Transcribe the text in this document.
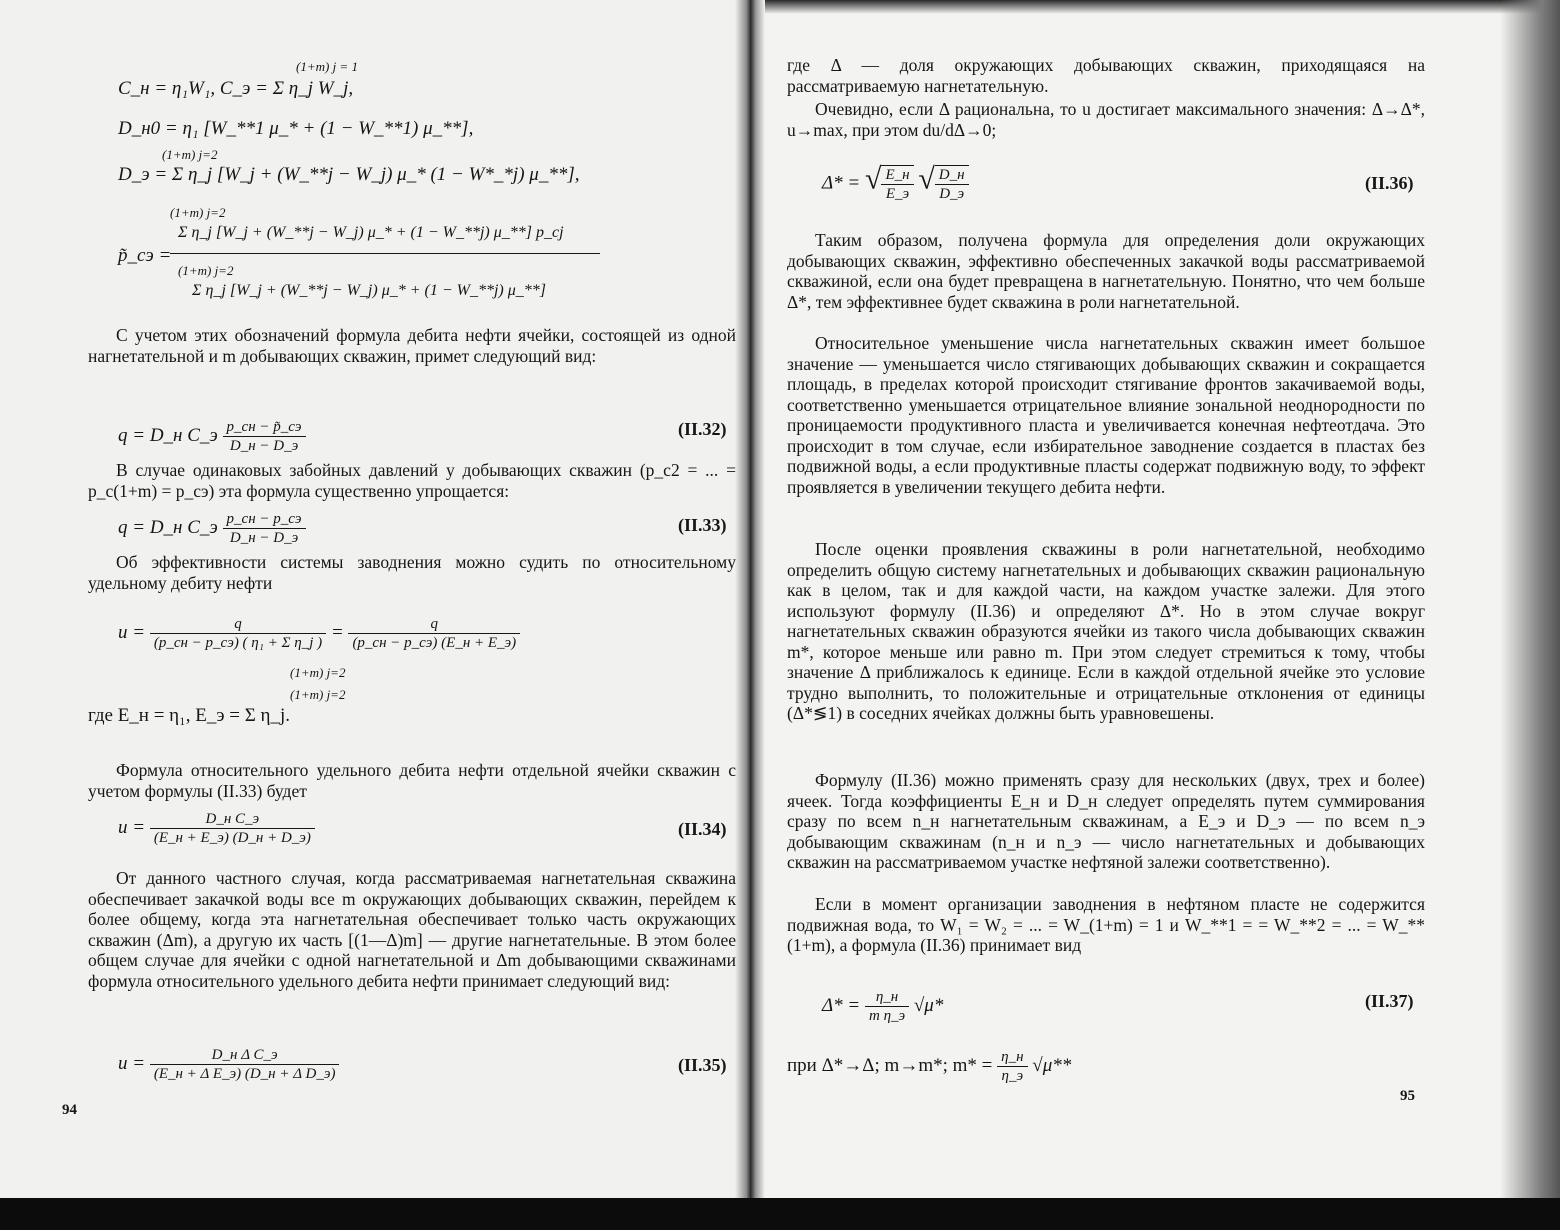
(1+m) j = 1
C_н = η₁W₁, C_э = Σ η_j W_j,
D_н0 = η₁ [W_**1 μ_* + (1 − W_**1) μ_**],
(1+m) j=2
D_э = Σ η_j [W_j + (W_**j − W_j) μ_* (1 − W*_*j) μ_**],
(1+m) j=2
Σ η_j [W_j + (W_**j − W_j) μ_* + (1 − W_**j) μ_**] p_cj
p̃_cэ =
(1+m) j=2
Σ η_j [W_j + (W_**j − W_j) μ_* + (1 − W_**j) μ_**]
С учетом этих обозначений формула дебита нефти ячейки, состоящей из одной нагнетательной и m добывающих скважин, примет следующий вид:
q = D_н C_э $\frac{p\_cн - p̃\_cэ}{D\_н - D\_э}$	(II.32)
В случае одинаковых забойных давлений у добывающих скважин (p_c2 = ... = p_c(1+m) = p_cэ) эта формула существенно упрощается:
q = D_н C_э $\frac{p\_cн - p\_cэ}{D\_н - D\_э}$	(II.33)
Об эффективности системы заводнения можно судить по относительному удельному дебиту нефти
$u = \frac{q}{\text{(p\_cн − p\_cэ) ( η₁ + Σ η\_j )}} = \frac{q}{(p\_cн - p\_cэ) (E\_н + E\_э)}$
(1+m) j=2
(1+m) j=2
где E_н = η₁, E_э = Σ η_j.
Формула относительного удельного дебита нефти отдельной ячейки скважин с учетом формулы (II.33) будет
$u = \frac{\text{D\_н C\_э}}{(E\_н + E\_э) (D\_н + D\_э)}$	(II.34)
От данного частного случая, когда рассматриваемая нагнетательная скважина обеспечивает закачкой воды все m окружающих добывающих скважин, перейдем к более общему, когда эта нагнетательная обеспечивает только часть окружающих скважин (Δm), а другую их часть [(1—Δ)m] — другие нагнетательные. В этом более общем случае для ячейки с одной нагнетательной и Δm добывающими скважинами формула относительного удельного дебита нефти принимает следующий вид:
$u = \frac{\text{D\_н Δ C\_э}}{\text{(E\_н + Δ E\_э) (D\_н + Δ D\_э)}}$	(II.35)
94
где Δ — доля окружающих добывающих скважин, приходящаяся на рассматриваемую нагнетательную.
Очевидно, если Δ рациональна, то u достигает максимального значения: Δ→Δ*, u→max, при этом du/dΔ→0;
Δ* = √ $\frac{E\_н}{E\_э}$ √ $\frac{D\_н}{D\_э}$	(II.36)
Таким образом, получена формула для определения доли окружающих добывающих скважин, эффективно обеспеченных закачкой воды рассматриваемой скважиной, если она будет превращена в нагнетательную. Понятно, что чем больше Δ*, тем эффективнее будет скважина в роли нагнетательной.
Относительное уменьшение числа нагнетательных скважин имеет большое значение — уменьшается число стягивающих добывающих скважин и сокращается площадь, в пределах которой происходит стягивание фронтов закачиваемой воды, соответственно уменьшается отрицательное влияние зональной неоднородности по проницаемости продуктивного пласта и увеличивается конечная нефтеотдача. Это происходит в том случае, если избирательное заводнение создается в пластах без подвижной воды, а если продуктивные пласты содержат подвижную воду, то эффект проявляется в увеличении текущего дебита нефти.
После оценки проявления скважины в роли нагнетательной, необходимо определить общую систему нагнетательных и добывающих скважин рациональную как в целом, так и для каждой части, на каждом участке залежи. Для этого используют формулу (II.36) и определяют Δ*. Но в этом случае вокруг нагнетательных скважин образуются ячейки из такого числа добывающих скважин m*, которое меньше или равно m. При этом следует стремиться к тому, чтобы значение Δ приближалось к единице. Если в каждой отдельной ячейке это условие трудно выполнить, то положительные и отрицательные отклонения от единицы (Δ*≶1) в соседних ячейках должны быть уравновешены.
Формулу (II.36) можно применять сразу для нескольких (двух, трех и более) ячеек. Тогда коэффициенты E_н и D_н следует определять путем суммирования сразу по всем n_н нагнетательным скважинам, а E_э и D_э — по всем n_э добывающим скважинам (n_н и n_э — число нагнетательных и добывающих скважин на рассматриваемом участке нефтяной залежи соответственно).
Если в момент организации заводнения в нефтяном пласте не содержится подвижная вода, то W₁ = W₂ = ... = W_(1+m) = 1 и W_**1 = = W_**2 = ... = W_**(1+m), а формула (II.36) принимает вид
$\Delta* = \frac{\eta\_н}{\text{m η\_э}} √\mu*$	(II.37)
при Δ*→Δ; m→m*; $m* = \frac{\eta\_н}{\eta\_э} √\mu**$
95
